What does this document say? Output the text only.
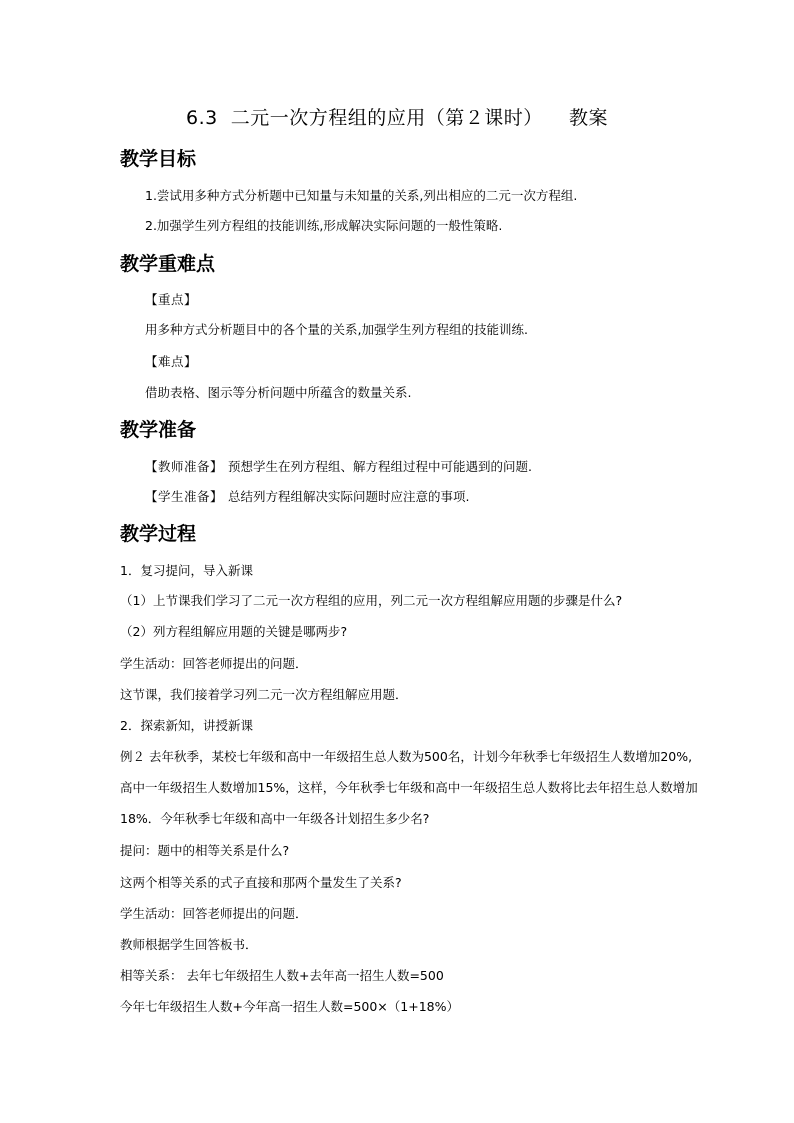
6.3  二元一次方程组的应用（第２课时）    教案
教学目标
1.尝试用多种方式分析题中已知量与未知量的关系,列出相应的二元一次方程组.
2.加强学生列方程组的技能训练,形成解决实际问题的一般性策略.
教学重难点
【重点】
用多种方式分析题目中的各个量的关系,加强学生列方程组的技能训练.
【难点】
借助表格、图示等分析问题中所蕴含的数量关系.
教学准备
【教师准备】 预想学生在列方程组、解方程组过程中可能遇到的问题.
【学生准备】 总结列方程组解决实际问题时应注意的事项.
教学过程
1．复习提问，导入新课
（1）上节课我们学习了二元一次方程组的应用，列二元一次方程组解应用题的步骤是什么?
（2）列方程组解应用题的关键是哪两步?
学生活动：回答老师提出的问题．
这节课，我们接着学习列二元一次方程组解应用题．
2．探索新知，讲授新课
例２ 去年秋季，某校七年级和高中一年级招生总人数为500名，计划今年秋季七年级招生人数增加20%,
高中一年级招生人数增加15%，这样，今年秋季七年级和高中一年级招生总人数将比去年招生总人数增加
18%．今年秋季七年级和高中一年级各计划招生多少名?
提问：题中的相等关系是什么?
这两个相等关系的式子直接和那两个量发生了关系?
学生活动：回答老师提出的问题．
教师根据学生回答板书．
相等关系： 去年七年级招生人数+去年高一招生人数=500
今年七年级招生人数+今年高一招生人数=500×（1+18%）
